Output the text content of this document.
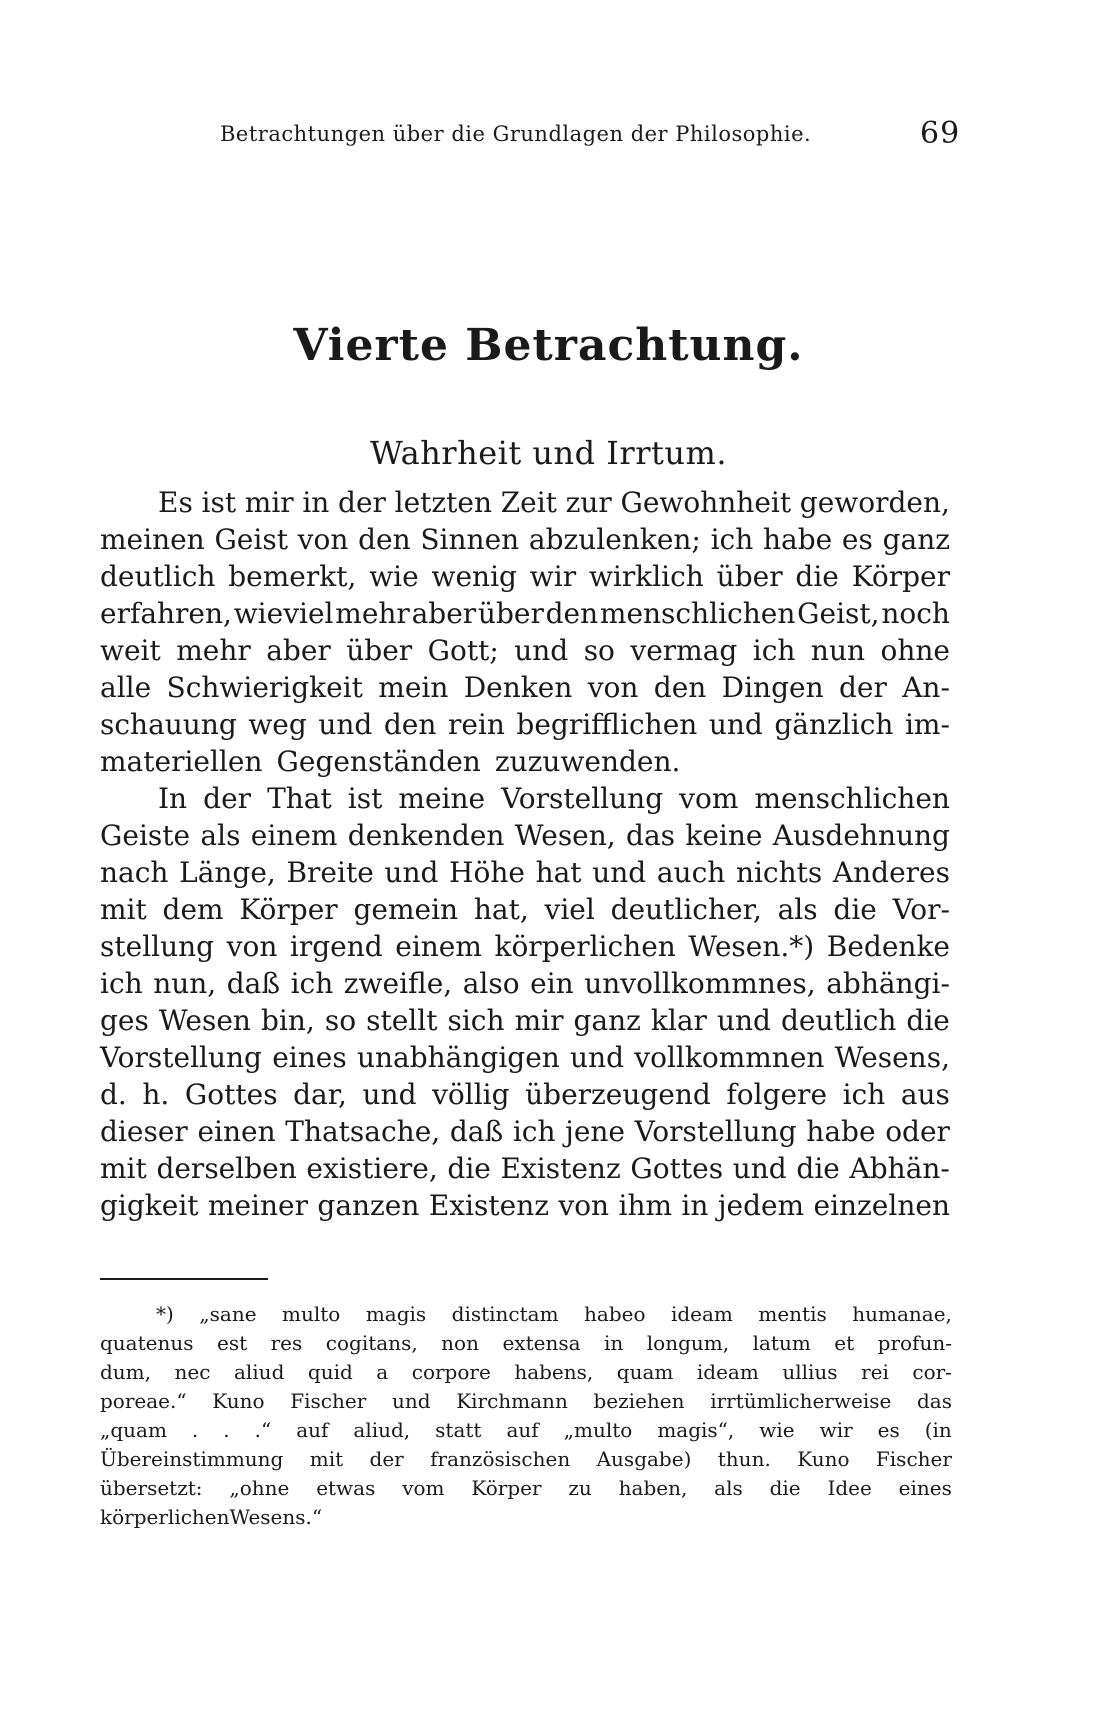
Betrachtungen über die Grundlagen der Philosophie.	69
Vierte Betrachtung.
Wahrheit und Irrtum.
Es ist mir in der letzten Zeit zur Gewohnheit geworden,
meinen Geist von den Sinnen abzulenken; ich habe es ganz
deutlich bemerkt, wie wenig wir wirklich über die Körper
erfahren, wieviel mehr aber über den menschlichen Geist, noch
weit mehr aber über Gott; und so vermag ich nun ohne
alle Schwierigkeit mein Denken von den Dingen der An-
schauung weg und den rein begrifflichen und gänzlich im-
materiellen Gegenständen zuzuwenden.
In der That ist meine Vorstellung vom menschlichen
Geiste als einem denkenden Wesen, das keine Ausdehnung
nach Länge, Breite und Höhe hat und auch nichts Anderes
mit dem Körper gemein hat, viel deutlicher, als die Vor-
stellung von irgend einem körperlichen Wesen.*) Bedenke
ich nun, daß ich zweifle, also ein unvollkommnes, abhängi-
ges Wesen bin, so stellt sich mir ganz klar und deutlich die
Vorstellung eines unabhängigen und vollkommnen Wesens,
d. h. Gottes dar, und völlig überzeugend folgere ich aus
dieser einen Thatsache, daß ich jene Vorstellung habe oder
mit derselben existiere, die Existenz Gottes und die Abhän-
gigkeit meiner ganzen Existenz von ihm in jedem einzelnen
*) „sane multo magis distinctam habeo ideam mentis humanae,
quatenus est res cogitans, non extensa in longum, latum et profun-
dum, nec aliud quid a corpore habens, quam ideam ullius rei cor-
poreae.“ Kuno Fischer und Kirchmann beziehen irrtümlicherweise das
„quam . . .“ auf aliud, statt auf „multo magis“, wie wir es (in
Übereinstimmung mit der französischen Ausgabe) thun. Kuno Fischer
übersetzt: „ohne etwas vom Körper zu haben, als die Idee eines
körperlichen Wesens.“
